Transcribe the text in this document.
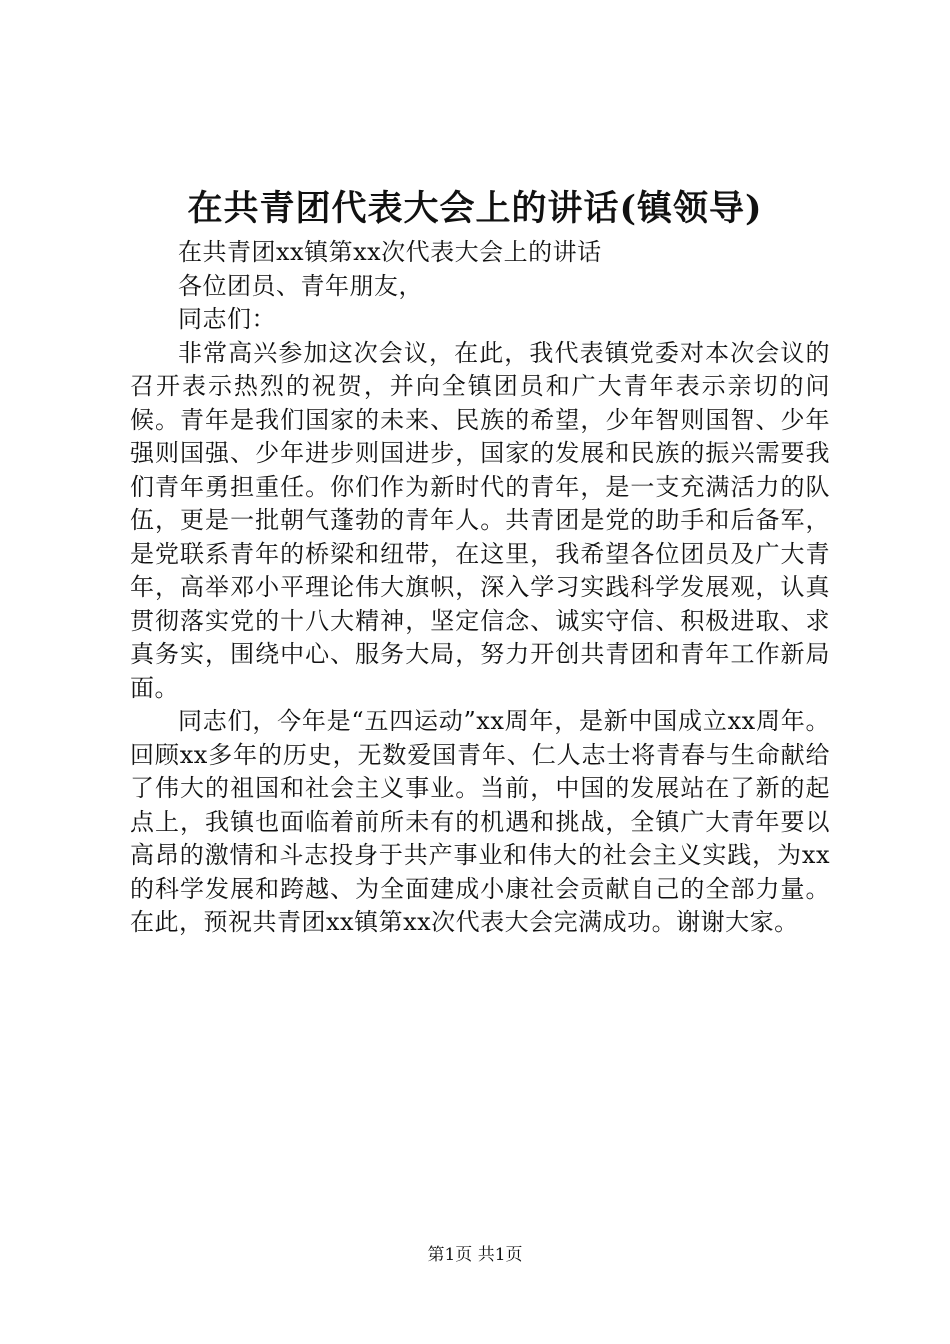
在共青团代表大会上的讲话(镇领导)

在共青团xx镇第xx次代表大会上的讲话

各位团员、青年朋友，

同志们：

非常高兴参加这次会议，在此，我代表镇党委对本次会议的召开表示热烈的祝贺，并向全镇团员和广大青年表示亲切的问候。青年是我们国家的未来、民族的希望，少年智则国智、少年强则国强、少年进步则国进步，国家的发展和民族的振兴需要我们青年勇担重任。你们作为新时代的青年，是一支充满活力的队伍，更是一批朝气蓬勃的青年人。共青团是党的助手和后备军，是党联系青年的桥梁和纽带，在这里，我希望各位团员及广大青年，高举邓小平理论伟大旗帜，深入学习实践科学发展观，认真贯彻落实党的十八大精神，坚定信念、诚实守信、积极进取、求真务实，围绕中心、服务大局，努力开创共青团和青年工作新局面。

同志们，今年是“五四运动”xx周年，是新中国成立xx周年。回顾xx多年的历史，无数爱国青年、仁人志士将青春与生命献给了伟大的祖国和社会主义事业。当前，中国的发展站在了新的起点上，我镇也面临着前所未有的机遇和挑战，全镇广大青年要以高昂的激情和斗志投身于共产事业和伟大的社会主义实践，为xx的科学发展和跨越、为全面建成小康社会贡献自己的全部力量。在此，预祝共青团xx镇第xx次代表大会完满成功。谢谢大家。

第1页 共1页
